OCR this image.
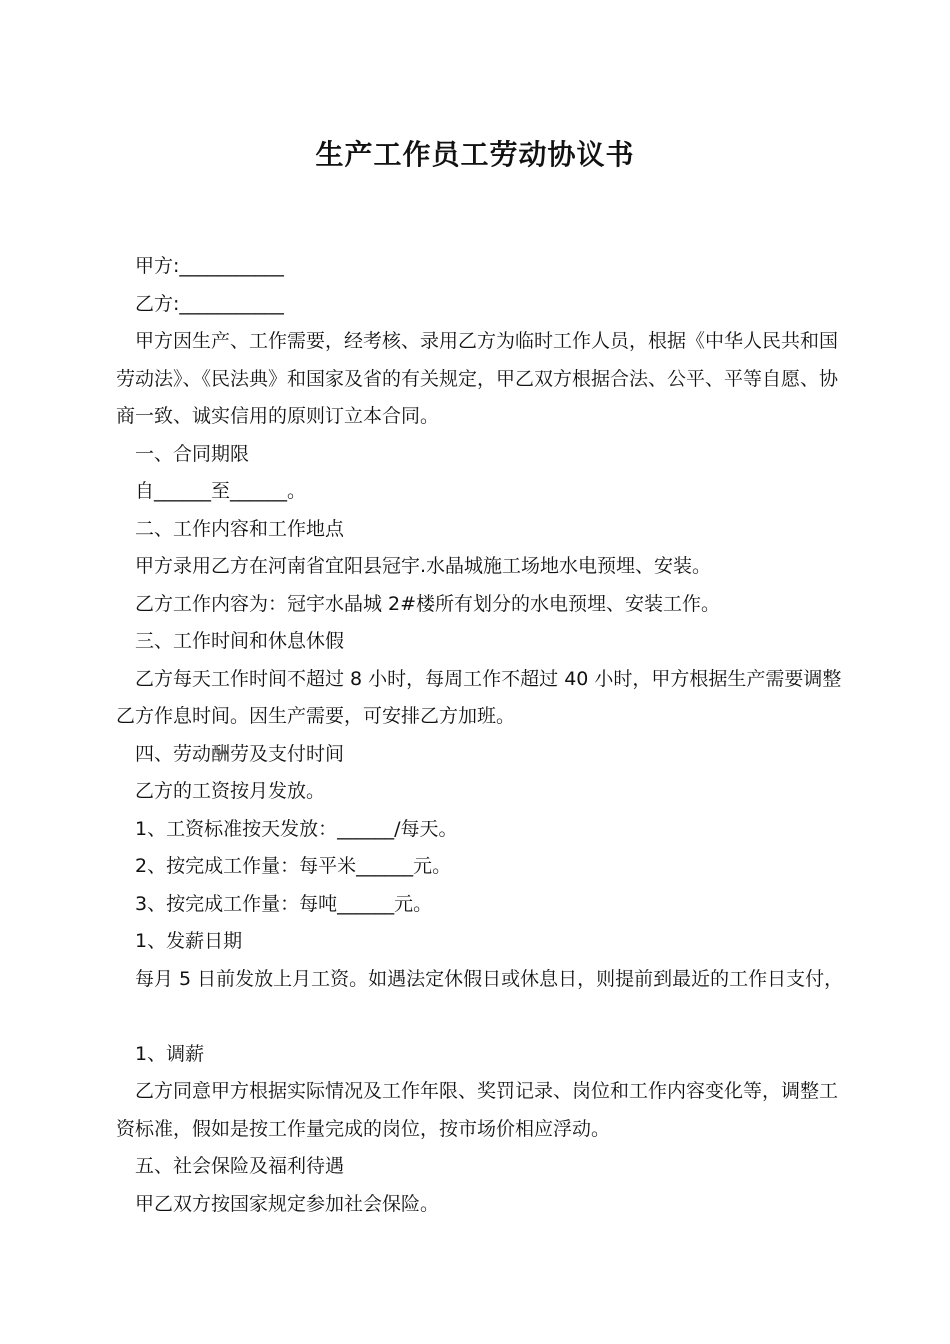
生产工作员工劳动协议书

甲方:___________

乙方:___________

甲方因生产、工作需要，经考核、录用乙方为临时工作人员，根据《中华人民共和国劳动法》、《民法典》和国家及省的有关规定，甲乙双方根据合法、公平、平等自愿、协商一致、诚实信用的原则订立本合同。

一、合同期限

自______至______。

二、工作内容和工作地点

甲方录用乙方在河南省宜阳县冠宇.水晶城施工场地水电预埋、安装。

乙方工作内容为：冠宇水晶城 2#楼所有划分的水电预埋、安装工作。

三、工作时间和休息休假

乙方每天工作时间不超过 8 小时，每周工作不超过 40 小时，甲方根据生产需要调整乙方作息时间。因生产需要，可安排乙方加班。

四、劳动酬劳及支付时间

乙方的工资按月发放。

1、工资标准按天发放：______/每天。

2、按完成工作量：每平米______元。

3、按完成工作量：每吨______元。

1、发薪日期

每月 5 日前发放上月工资。如遇法定休假日或休息日，则提前到最近的工作日支付，

1、调薪

乙方同意甲方根据实际情况及工作年限、奖罚记录、岗位和工作内容变化等，调整工资标准，假如是按工作量完成的岗位，按市场价相应浮动。

五、社会保险及福利待遇

甲乙双方按国家规定参加社会保险。
